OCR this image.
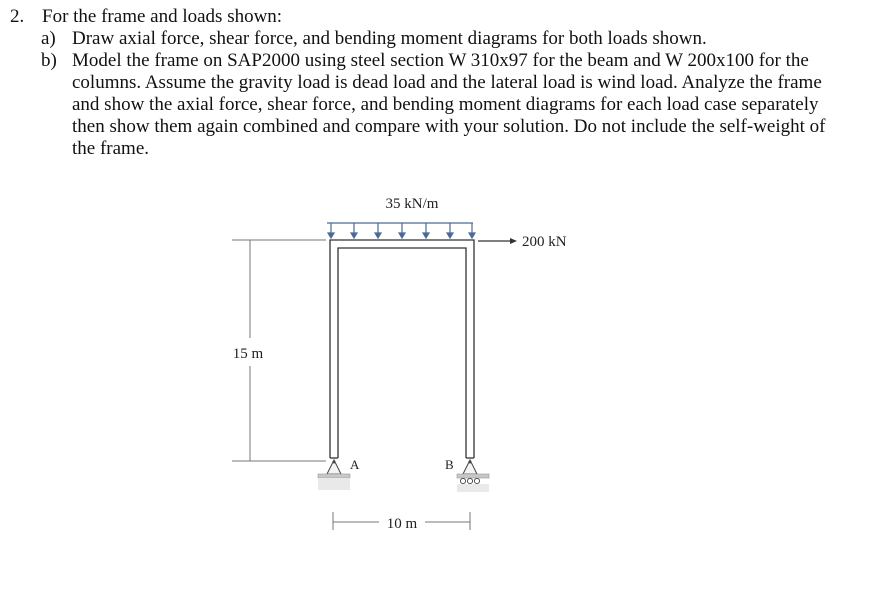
2. For the frame and loads shown:
a) Draw axial force, shear force, and bending moment diagrams for both loads shown.
b) Model the frame on SAP2000 using steel section W 310x97 for the beam and W 200x100 for the columns. Assume the gravity load is dead load and the lateral load is wind load. Analyze the frame and show the axial force, shear force, and bending moment diagrams for each load case separately then show them again combined and compare with your solution. Do not include the self-weight of the frame.
35 kN/m
200 kN
15 m
A	B
10 m
